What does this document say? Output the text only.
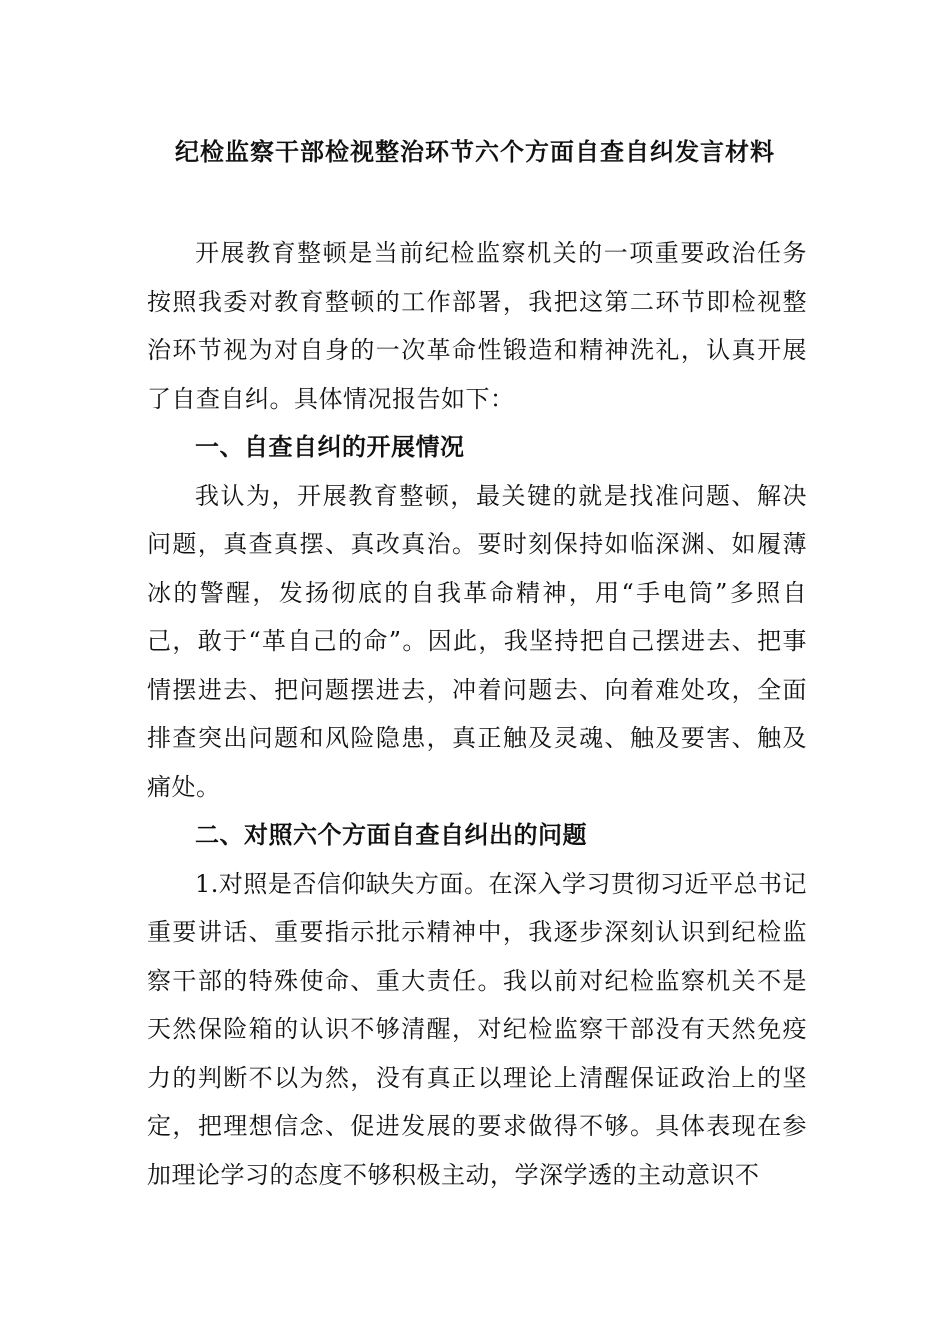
纪检监察干部检视整治环节六个方面自查自纠发言材料

开展教育整顿是当前纪检监察机关的一项重要政治任务按照我委对教育整顿的工作部署，我把这第二环节即检视整治环节视为对自身的一次革命性锻造和精神洗礼，认真开展了自查自纠。具体情况报告如下：

一、自查自纠的开展情况

我认为，开展教育整顿，最关键的就是找准问题、解决问题，真查真摆、真改真治。要时刻保持如临深渊、如履薄冰的警醒，发扬彻底的自我革命精神，用“手电筒”多照自己，敢于“革自己的命”。因此，我坚持把自己摆进去、把事情摆进去、把问题摆进去，冲着问题去、向着难处攻，全面排查突出问题和风险隐患，真正触及灵魂、触及要害、触及痛处。

二、对照六个方面自查自纠出的问题

1.对照是否信仰缺失方面。在深入学习贯彻习近平总书记重要讲话、重要指示批示精神中，我逐步深刻认识到纪检监察干部的特殊使命、重大责任。我以前对纪检监察机关不是天然保险箱的认识不够清醒，对纪检监察干部没有天然免疫力的判断不以为然，没有真正以理论上清醒保证政治上的坚定，把理想信念、促进发展的要求做得不够。具体表现在参加理论学习的态度不够积极主动，学深学透的主动意识不
